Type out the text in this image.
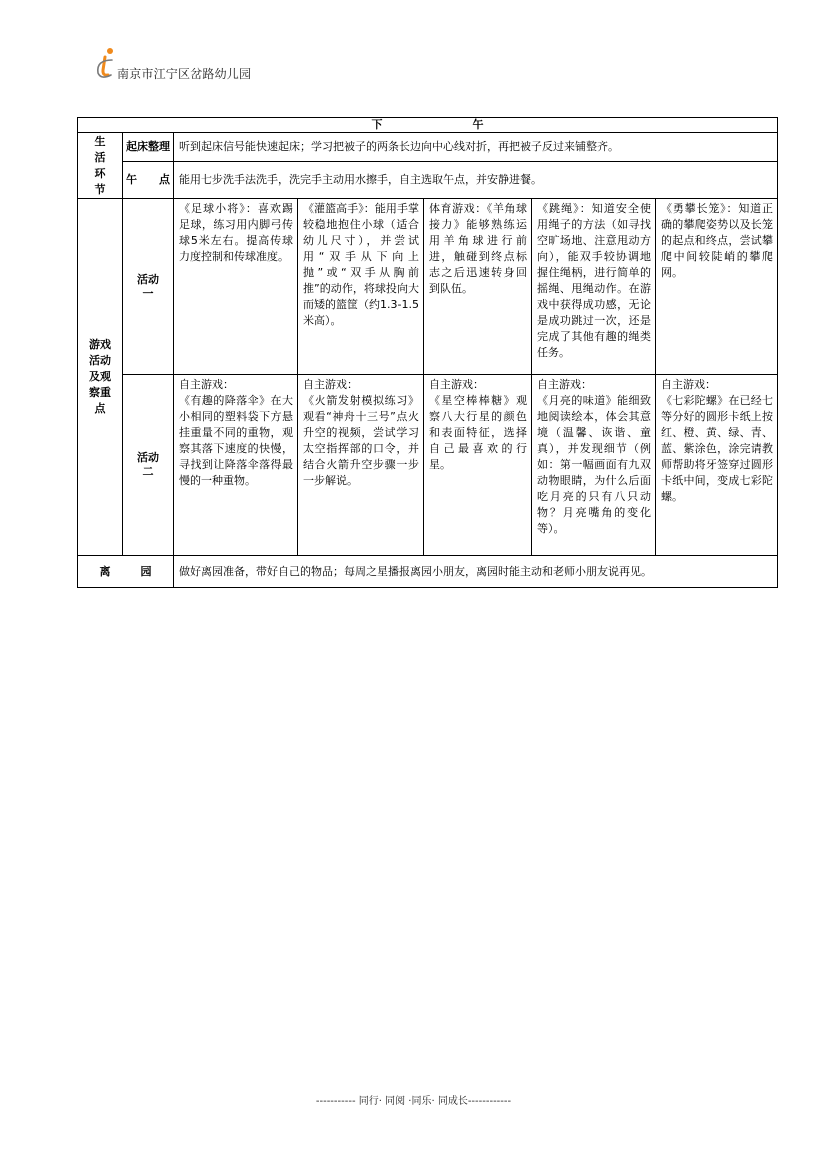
南京市江宁区岔路幼儿园
下 午						
生
活
环
节	起床整理	听到起床信号能快速起床；学习把被子的两条长边向中心线对折，再把被子反过来铺整齐。				
	午　　点	能用七步洗手法洗手，洗完手主动用水擦手，自主选取午点，并安静进餐。				
游戏
活动
及观
察重
点	活动
一	《足球小将》：喜欢踢足球，练习用内脚弓传球5米左右。提高传球力度控制和传球准度。	《灌篮高手》：能用手掌较稳地抱住小球（适合幼儿尺寸），并尝试用“双手从下向上抛”或“双手从胸前推”的动作，将球投向大而矮的篮筐（约1.3-1.5米高）。	体育游戏：《羊角球接力》能够熟练运用羊角球进行前进，触碰到终点标志之后迅速转身回到队伍。	《跳绳》：知道安全使用绳子的方法（如寻找空旷场地、注意甩动方向），能双手较协调地握住绳柄，进行简单的摇绳、甩绳动作。在游戏中获得成功感，无论是成功跳过一次，还是完成了其他有趣的绳类任务。	《勇攀长笼》：知道正确的攀爬姿势以及长笼的起点和终点，尝试攀爬中间较陡峭的攀爬网。
	活动
二	自主游戏：
《有趣的降落伞》在大小相同的塑料袋下方悬挂重量不同的重物，观察其落下速度的快慢，寻找到让降落伞落得最慢的一种重物。	自主游戏：
《火箭发射模拟练习》观看“神舟十三号”点火升空的视频，尝试学习太空指挥部的口令，并结合火箭升空步骤一步一步解说。	自主游戏：
《星空棒棒糖》观察八大行星的颜色和表面特征，选择自己最喜欢的行星。	自主游戏：
《月亮的味道》能细致地阅读绘本，体会其意境（温馨、诙谐、童真），并发现细节（例如：第一幅画面有九双动物眼睛，为什么后面吃月亮的只有八只动物？月亮嘴角的变化等）。	自主游戏：
《七彩陀螺》在已经七等分好的圆形卡纸上按红、橙、黄、绿、青、蓝、紫涂色，涂完请教师帮助将牙签穿过圆形卡纸中间，变成七彩陀螺。
离 园		做好离园准备，带好自己的物品；每周之星播报离园小朋友，离园时能主动和老师小朋友说再见。				
----------- 同行· 同阅 ·同乐· 同成长------------
